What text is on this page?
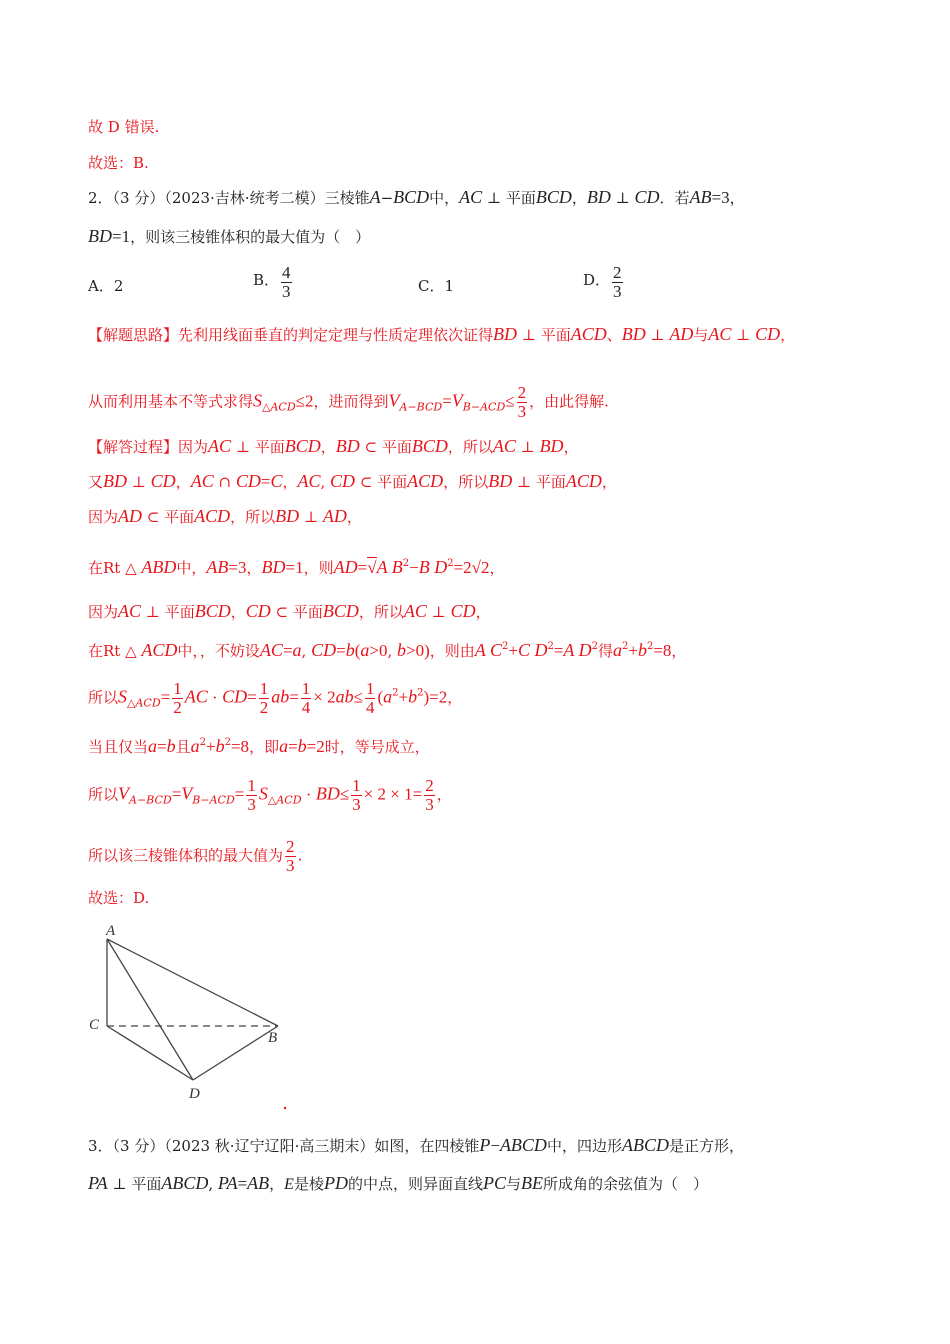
故 D 错误.
故选：B.
2．（3 分）（2023·吉林·统考二模）三棱锥A−BCD中，AC ⊥ 平面BCD，BD ⊥ CD．若AB=3，
BD=1，则该三棱锥体积的最大值为（　）
A．2	B． $\frac{4}{3}$	C．1	D． $\frac{2}{3}$
【解题思路】先利用线面垂直的判定定理与性质定理依次证得BD ⊥ 平面ACD、BD ⊥ AD与AC ⊥ CD，
从而利用基本不等式求得$S_{\triangle ACD}\le 2$，进而得到$V_{A-BCD}=V_{B-ACD}\le \frac{2}{3}$ ，由此得解.
【解答过程】因为AC ⊥ 平面BCD，BD ⊂ 平面BCD，所以AC ⊥ BD，
又BD ⊥ CD，AC ∩ CD=C，AC, CD ⊂ 平面ACD，所以BD ⊥ 平面ACD，
因为AD ⊂ 平面ACD，所以BD ⊥ AD，
在Rt △ ABD中，AB=3，BD=1，则AD=√A $B^2-B$ $D^2=2√2$，
因为AC ⊥ 平面BCD，CD ⊂ 平面BCD，所以AC ⊥ CD，
在Rt △ ACD中，，不妨设AC=a, CD=b(a>0, b>0)，则由A $C^2+C$ $D^2=A$ $D^2$得$a^2+b^2=8$，
所以$S_{\triangle ACD}= \frac{1}{2}$ AC · $CD= \frac{1}{2} ab= \frac{1}{4} \times 2ab\le \frac{1}{4} (a^2+b^2)=2$，
当且仅当a=b且$a^2+b^2=8$，即a=b=2时，等号成立，
所以$V_{A-BCD}=V_{B-ACD}= \frac{1}{3} S_{\triangle ACD} \cdot BD\le \frac{1}{3} \times 2 \times 1= \frac{2}{3}$ ，
所以该三棱锥体积的最大值为 $\frac{2}{3}$ .
故选：D.
A
B
C
D
3．（3 分）（2023 秋·辽宁辽阳·高三期末）如图，在四棱锥P−ABCD中，四边形ABCD是正方形，
PA ⊥ 平面ABCD, PA=AB，E是棱PD的中点，则异面直线PC与BE所成角的余弦值为（　）
